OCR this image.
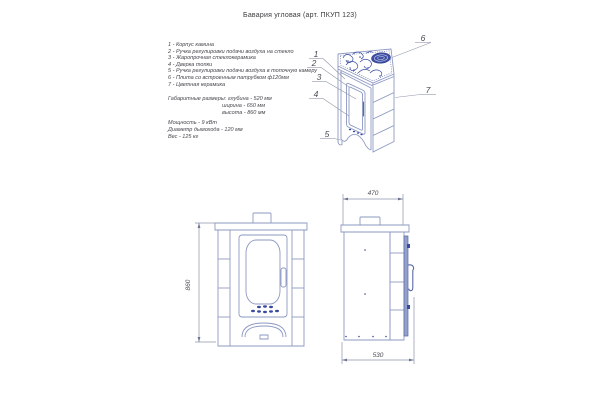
Бавария угловая (арт. ПКУП 123)
1 - Корпус камина
2 - Ручка регулировки подачи воздуха на стекло
3 - Жаропрочная стеклокерамика
4 - Дверка топки
5 - Ручка регулировки подачи воздуха в топочную камеру
6 - Плита со встроенным патрубком ф120мм
7 - Цветная керамика
Габаритные размеры: глубина - 520 мм
ширина - 650 мм
высота - 860 мм
Мощность - 9 кВт
Диаметр дымохода - 120 мм
Вес - 125 кг
1
2
3
4
5
6
7
860
470
530
